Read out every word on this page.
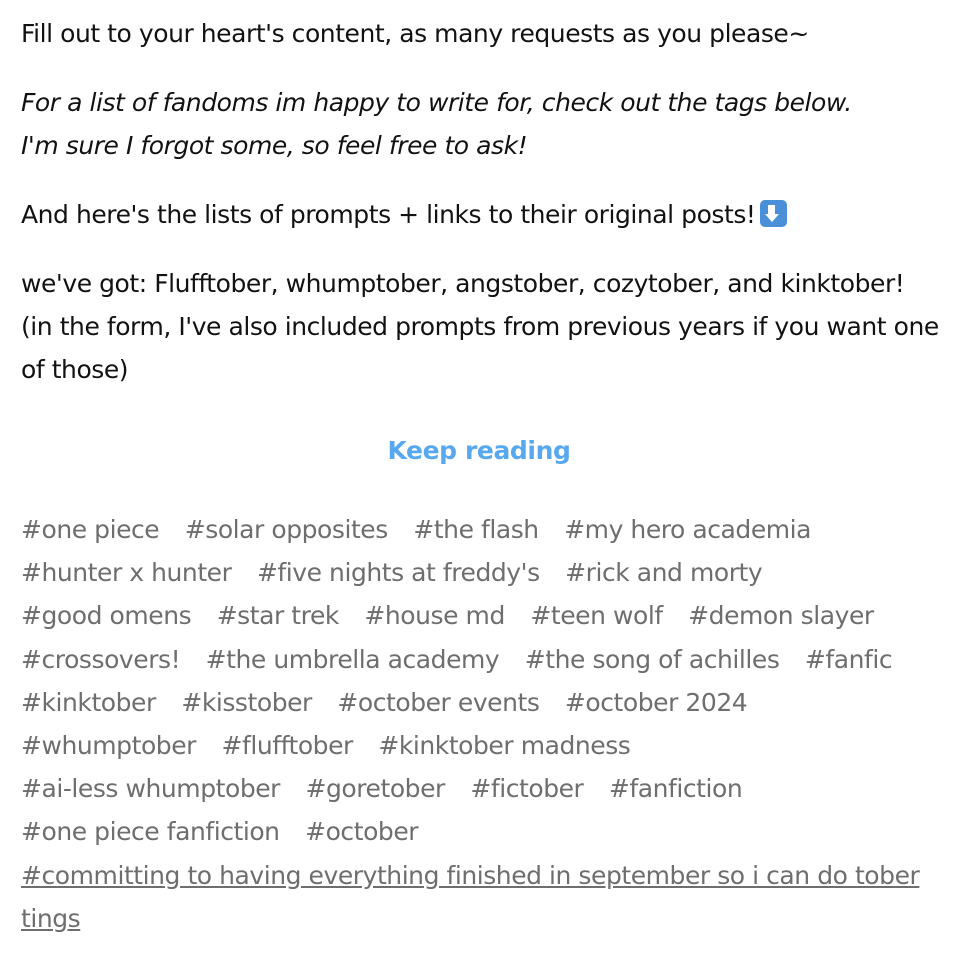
Fill out to your heart's content, as many requests as you please~

For a list of fandoms im happy to write for, check out the tags below.
I'm sure I forgot some, so feel free to ask!

And here's the lists of prompts + links to their original posts!

we've got: Flufftober, whumptober, angstober, cozytober, and kinktober! (in the form, I've also included prompts from previous years if you want one of those)

Keep reading
#one piece #solar opposites #the flash #my hero academia
#hunter x hunter #five nights at freddy's #rick and morty
#good omens #star trek #house md #teen wolf #demon slayer
#crossovers! #the umbrella academy #the song of achilles #fanfic
#kinktober #kisstober #october events #october 2024
#whumptober #flufftober #kinktober madness
#ai-less whumptober #goretober #fictober #fanfiction
#one piece fanfiction #october
#committing to having everything finished in september so i can do tober tings
